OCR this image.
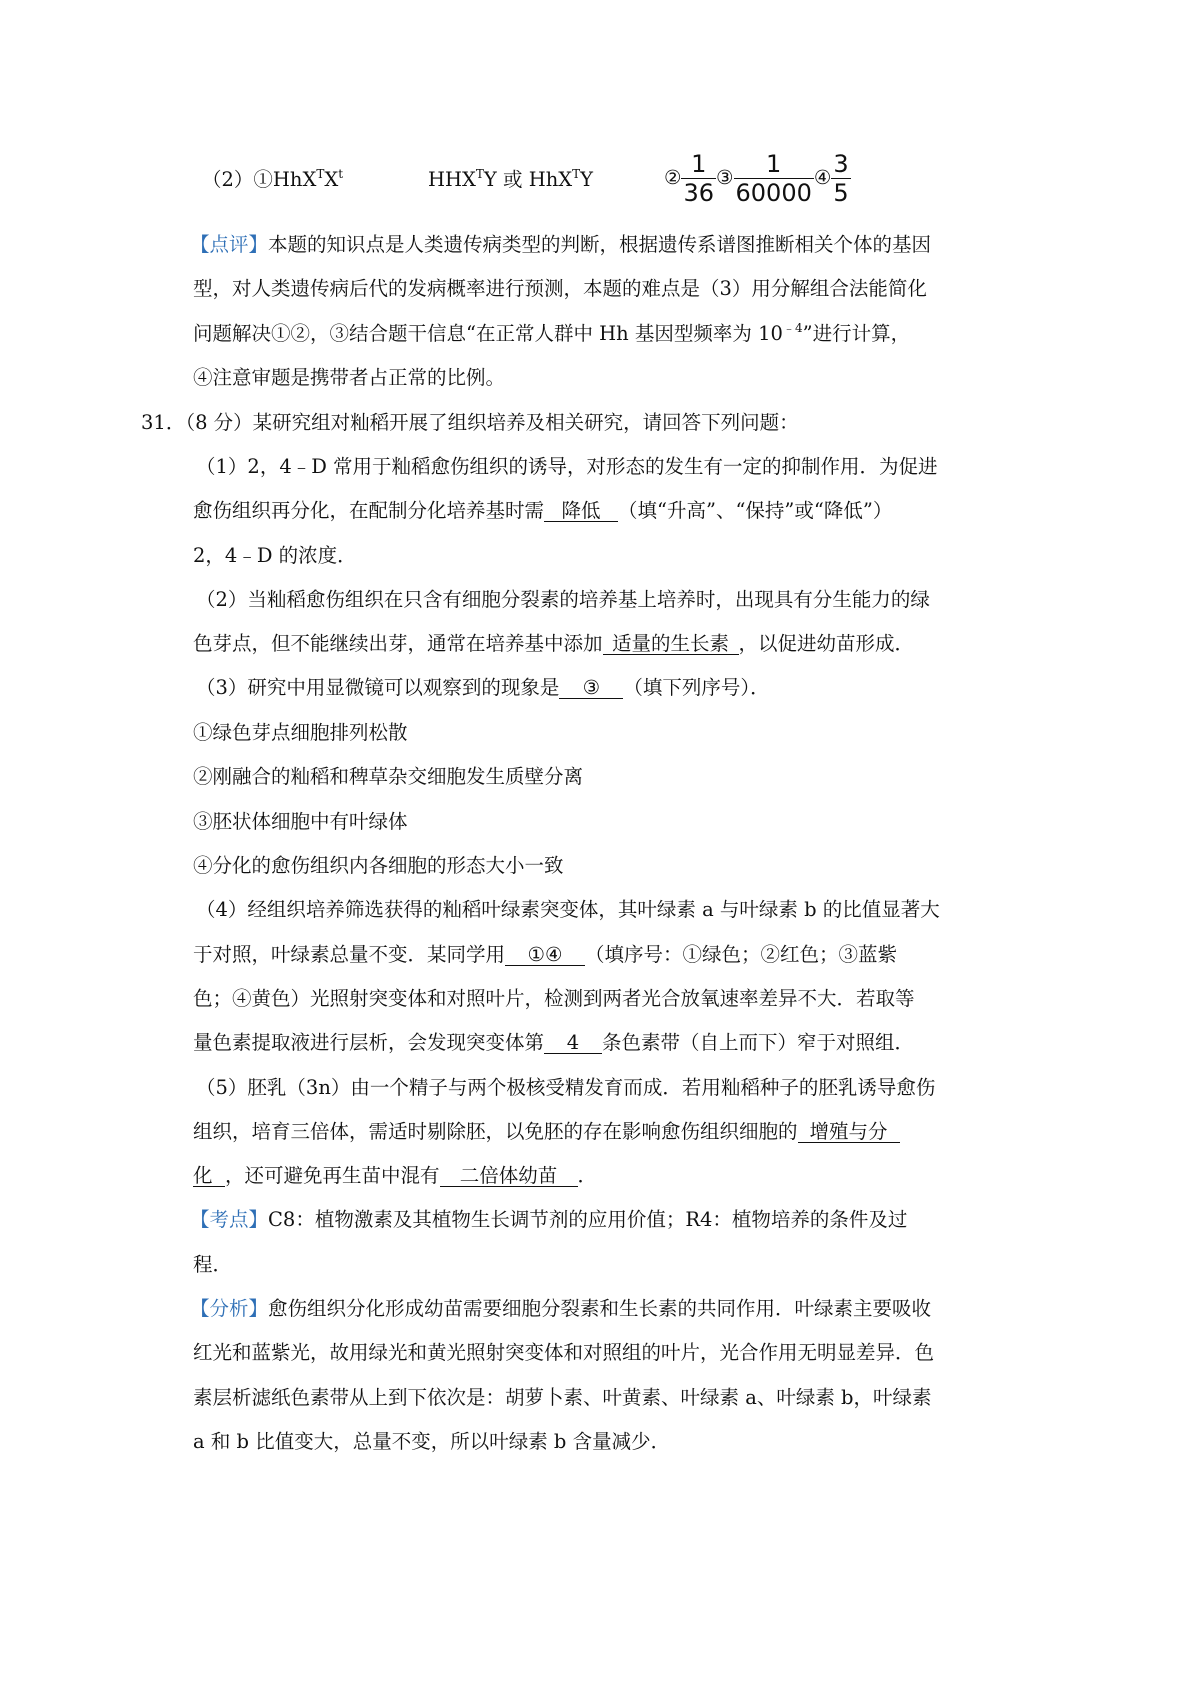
$(2)①HhX^TX^t$	$HHX^TY$ 或 HhX$^T$Y	② $\frac{1}{36}$ ③ $\frac{1}{60000}$ ④ $\frac{3}{5}$
【点评】本题的知识点是人类遗传病类型的判断，根据遗传系谱图推断相关个体的基因
型，对人类遗传病后代的发病概率进行预测，本题的难点是（3）用分解组合法能简化
问题解决①②，③结合题干信息“在正常人群中 Hh 基因型频率为 $10^{﹣4}$”进行计算，
④注意审题是携带者占正常的比例。
31．（8 分）某研究组对籼稻开展了组织培养及相关研究，请回答下列问题：
（1）2，4﹣D 常用于籼稻愈伤组织的诱导，对形态的发生有一定的抑制作用．为促进
愈伤组织再分化，在配制分化培养基时需 降低 （填“升高”、“保持”或“降低”）
2，4﹣D 的浓度．
（2）当籼稻愈伤组织在只含有细胞分裂素的培养基上培养时，出现具有分生能力的绿
色芽点，但不能继续出芽，通常在培养基中添加 适量的生长素 ，以促进幼苗形成．
（3）研究中用显微镜可以观察到的现象是 ③ （填下列序号）．
①绿色芽点细胞排列松散
②刚融合的籼稻和稗草杂交细胞发生质壁分离
③胚状体细胞中有叶绿体
④分化的愈伤组织内各细胞的形态大小一致
（4）经组织培养筛选获得的籼稻叶绿素突变体，其叶绿素 a 与叶绿素 b 的比值显著大
于对照，叶绿素总量不变．某同学用 ①④ （填序号：①绿色；②红色；③蓝紫
色；④黄色）光照射突变体和对照叶片，检测到两者光合放氧速率差异不大．若取等
量色素提取液进行层析，会发现突变体第 4 条色素带（自上而下）窄于对照组．
（5）胚乳（3n）由一个精子与两个极核受精发育而成．若用籼稻种子的胚乳诱导愈伤
组织，培育三倍体，需适时剔除胚，以免胚的存在影响愈伤组织细胞的 增殖与分
化 ，还可避免再生苗中混有 二倍体幼苗 ．
【考点】C8：植物激素及其植物生长调节剂的应用价值；R4：植物培养的条件及过
程．
【分析】愈伤组织分化形成幼苗需要细胞分裂素和生长素的共同作用．叶绿素主要吸收
红光和蓝紫光，故用绿光和黄光照射突变体和对照组的叶片，光合作用无明显差异．色
素层析滤纸色素带从上到下依次是：胡萝卜素、叶黄素、叶绿素 a、叶绿素 b，叶绿素
a 和 b 比值变大，总量不变，所以叶绿素 b 含量减少．
